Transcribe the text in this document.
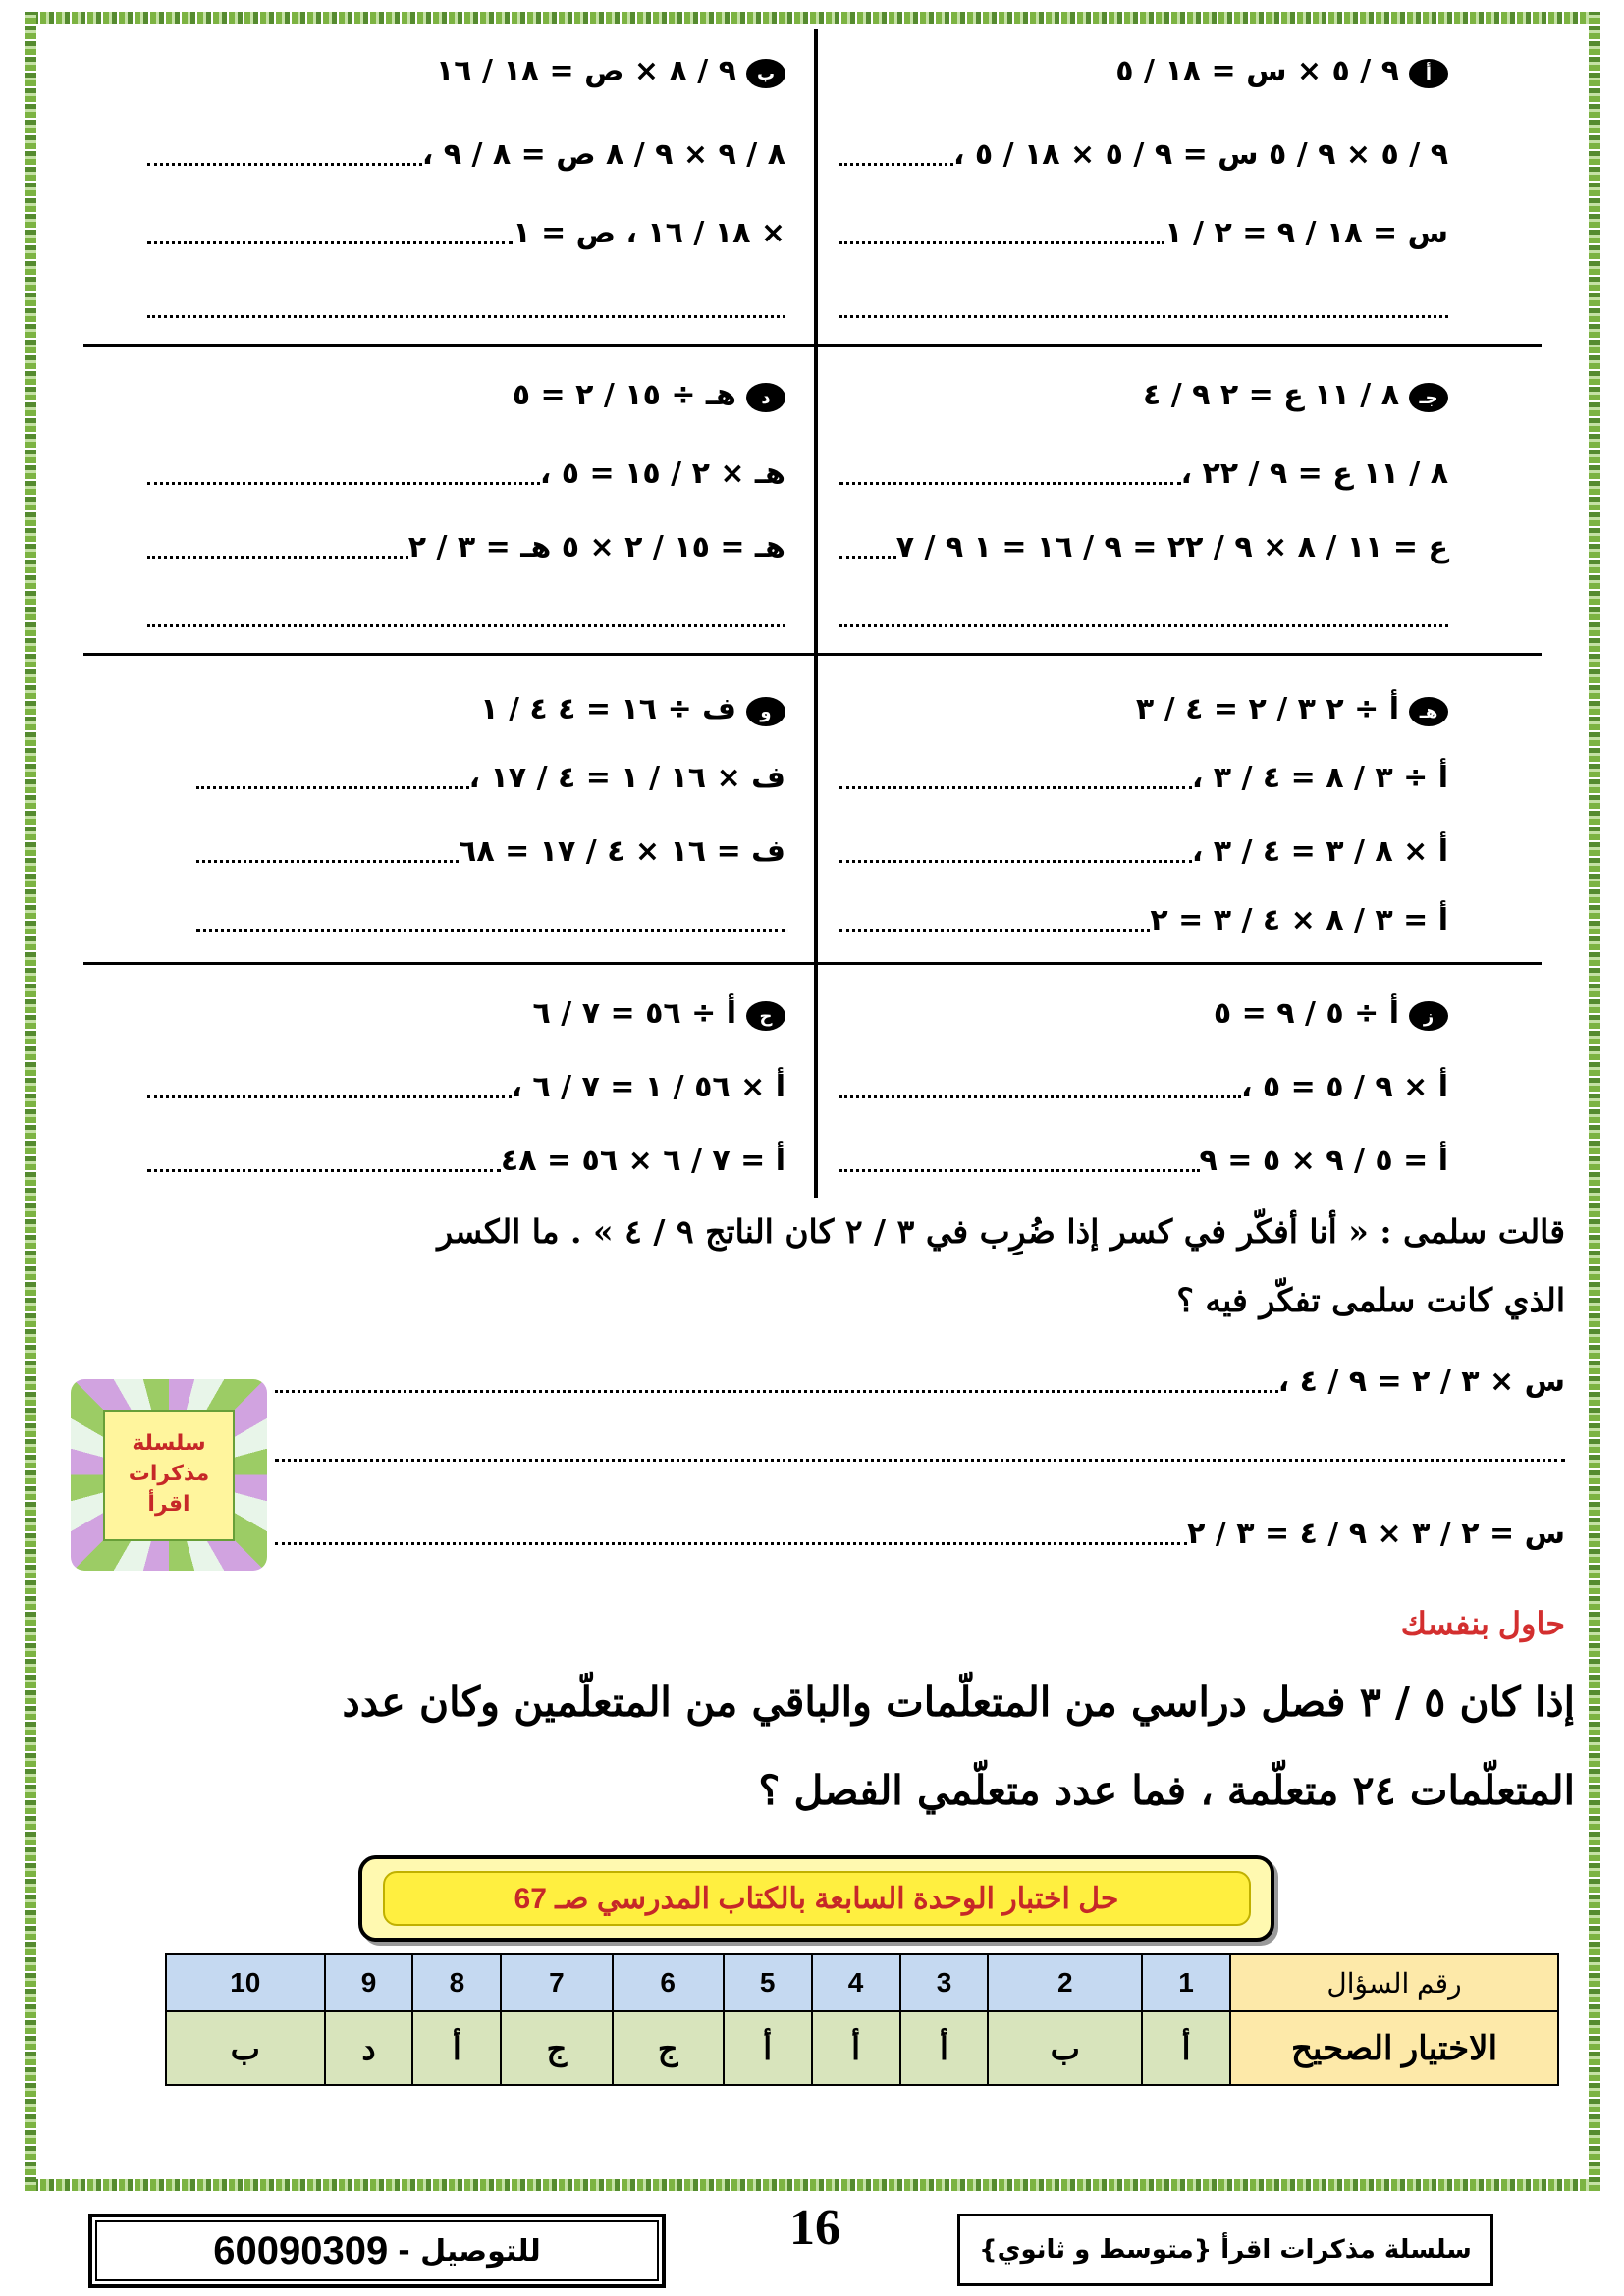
أ
٩ / ٥ × س = ١٨ / ٥
٩ / ٥ × ٩ / ٥ س = ٩ / ٥ × ١٨ / ٥ ،
س = ١٨ / ٩ = ٢ / ١
ب
٩ / ٨ × ص = ١٨ / ١٦
٨ / ٩ × ٩ / ٨ ص = ٨ / ٩ ،
× ١٨ / ١٦ ، ص = ١
جـ
٨ / ١١ ع = ٢ ٩ / ٤
٨ / ١١ ع = ٩ / ٢٢ ،
ع = ١١ / ٨ × ٩ / ٢٢ = ٩ / ١٦ = ١ ٩ / ٧
د
هـ ÷ ١٥ / ٢ = ٥
هـ × ٢ / ١٥ = ٥ ،
هـ = ١٥ / ٢ × ٥ هـ = ٣ / ٢
هـ
أ ÷ ٢ ٣ / ٢ = ٤ / ٣
أ ÷ ٣ / ٨ = ٤ / ٣ ،
أ × ٨ / ٣ = ٤ / ٣ ،
أ = ٣ / ٨ × ٤ / ٣ = ٢
و
ف ÷ ١٦ = ٤ ٤ / ١
ف × ١٦ / ١ = ٤ / ١٧ ،
ف = ١٦ × ٤ / ١٧ = ٦٨
ز
أ ÷ ٥ / ٩ = ٥
أ × ٩ / ٥ = ٥ ،
أ = ٥ / ٩ × ٥ = ٩
ح
أ ÷ ٥٦ = ٧ / ٦
أ × ٥٦ / ١ = ٧ / ٦ ،
أ = ٧ / ٦ × ٥٦ = ٤٨
قالت سلمى : « أنا أفكّر في كسر إذا ضُرِب في ٣ / ٢ كان الناتج ٩ / ٤ » . ما الكسر
الذي كانت سلمى تفكّر فيه ؟
س × ٣ / ٢ = ٩ / ٤ ،
س = ٢ / ٣ × ٩ / ٤ = ٣ / ٢
سلسلة
مذكرات
اقرأ
حاول بنفسك
إذا كان ٥ / ٣ فصل دراسي من المتعلّمات والباقي من المتعلّمين وكان عدد
المتعلّمات ٢٤ متعلّمة ، فما عدد متعلّمي الفصل ؟
حل اختبار الوحدة السابعة بالكتاب المدرسي صـ 67
رقم السؤال	1	2	3	4	5	6	7	8	9	10
الاختيار الصحيح	أ	ب	أ	أ	أ	ج	ج	أ	د	ب
سلسلة مذكرات اقرأ {متوسط و ثانوي}
16
للتوصيل -
60090309
